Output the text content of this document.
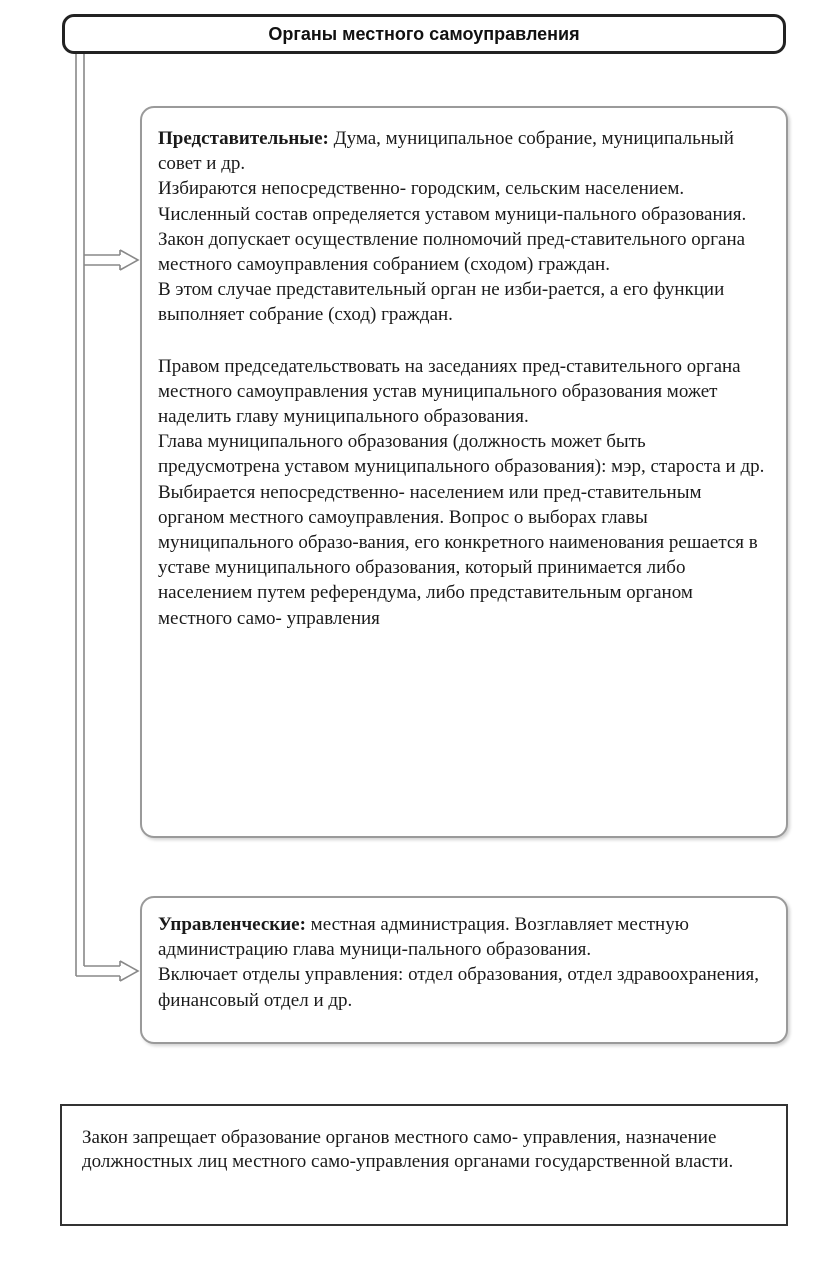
Органы местного самоуправления

Представительные: Дума, муниципальное собрание, муниципальный совет и др.

Избираются непосредственно- городским, сельским населением.

Численный состав определяется уставом муници-пального образования.

Закон допускает осуществление полномочий пред-ставительного органа местного самоуправления собранием (сходом) граждан.

В этом случае представительный орган не изби-рается, а его функции выполняет собрание (сход) граждан.

Правом председательствовать на заседаниях пред-ставительного органа местного самоуправления устав муниципального образования может наделить главу муниципального образования.

Глава муниципального образования (должность может быть предусмотрена уставом муниципального образования): мэр, староста и др.

Выбирается непосредственно- населением или пред-ставительным органом местного самоуправления. Вопрос о выборах главы муниципального образо-вания, его конкретного наименования решается в уставе муниципального образования, который принимается либо населением путем референдума, либо представительным органом местного само- управления

Управленческие: местная администрация. Возглавляет местную администрацию глава муници-пального образования.

Включает отделы управления: отдел образования, отдел здравоохранения, финансовый отдел и др.

Закон запрещает образование органов местного само- управления, назначение должностных лиц местного само-управления органами государственной власти.
